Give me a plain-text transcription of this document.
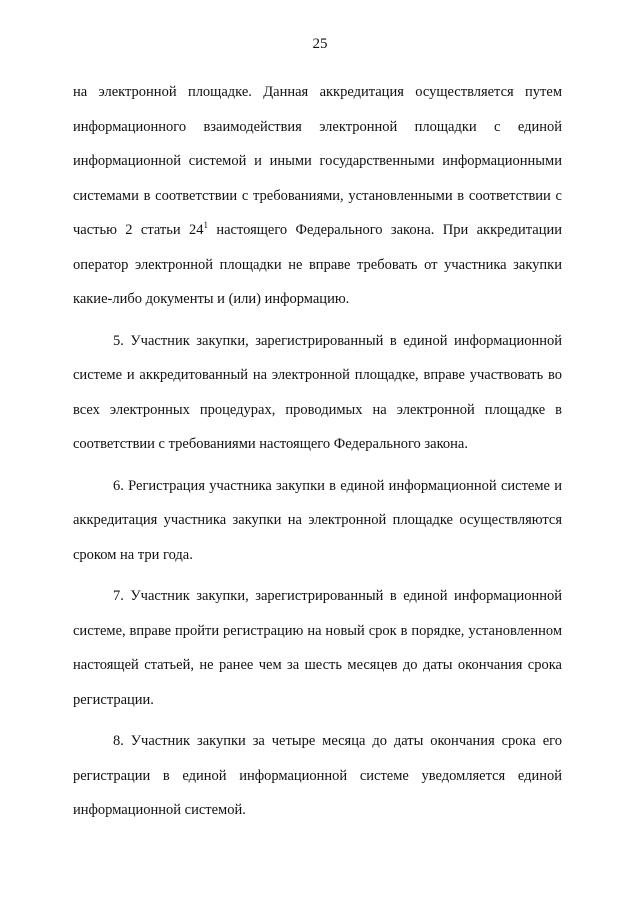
25

на электронной площадке. Данная аккредитация осуществляется путем информационного взаимодействия электронной площадки с единой информационной системой и иными государственными информационными системами в соответствии с требованиями, установленными в соответствии с частью 2 статьи $24^1$ настоящего Федерального закона. При аккредитации оператор электронной площадки не вправе требовать от участника закупки какие-либо документы и (или) информацию.

5. Участник закупки, зарегистрированный в единой информационной системе и аккредитованный на электронной площадке, вправе участвовать во всех электронных процедурах, проводимых на электронной площадке в соответствии с требованиями настоящего Федерального закона.

6. Регистрация участника закупки в единой информационной системе и аккредитация участника закупки на электронной площадке осуществляются сроком на три года.

7. Участник закупки, зарегистрированный в единой информационной системе, вправе пройти регистрацию на новый срок в порядке, установленном настоящей статьей, не ранее чем за шесть месяцев до даты окончания срока регистрации.

8. Участник закупки за четыре месяца до даты окончания срока его регистрации в единой информационной системе уведомляется единой информационной системой.
